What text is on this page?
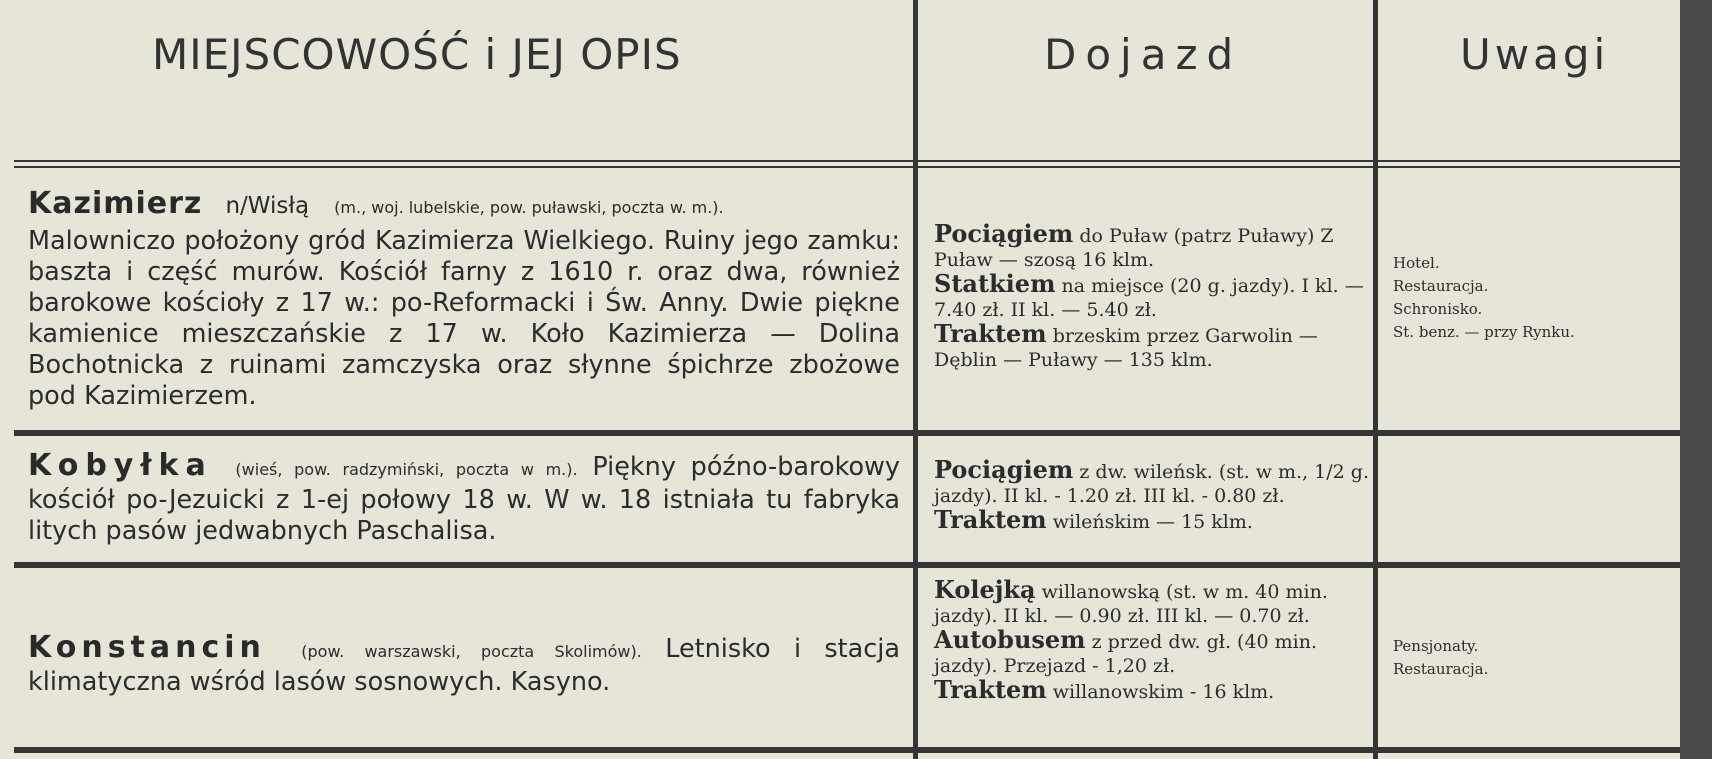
MIEJSCOWOŚĆ i JEJ OPIS	Dojazd	Uwagi
Kazimierz n/Wisłą (m., woj. lubelskie, pow. puławski, poczta w. m.).
Malowniczo położony gród Kazimierza Wielkiego. Ruiny jego zamku: baszta i część murów. Kościół farny z 1610 r. oraz dwa, również barokowe kościoły z 17 w.: po-Reformacki i Św. Anny. Dwie piękne kamienice mieszczańskie z 17 w. Koło Kazimierza — Dolina Bochotnicka z ruinami zamczyska oraz słynne śpichrze zbożowe pod Kazimierzem.
Pociągiem do Puław (patrz Puławy) Z Puław — szosą 16 klm.
Statkiem na miejsce (20 g. jazdy). I kl. — 7.40 zł. II kl. — 5.40 zł.
Traktem brzeskim przez Garwolin — Dęblin — Puławy — 135 klm.
Hotel.
Restauracja.
Schronisko.
St. benz. — przy Rynku.
Kobyłka (wieś, pow. radzymiński, poczta w m.). Piękny późno-barokowy kościół po-Jezuicki z 1-ej połowy 18 w. W w. 18 istniała tu fabryka litych pasów jedwabnych Paschalisa.
Pociągiem z dw. wileńsk. (st. w m., 1/2 g. jazdy). II kl. - 1.20 zł. III kl. - 0.80 zł.
Traktem wileńskim — 15 klm.
Konstancin (pow. warszawski, poczta Skolimów). Letnisko i stacja klimatyczna wśród lasów sosnowych. Kasyno.
Kolejką willanowską (st. w m. 40 min. jazdy). II kl. — 0.90 zł. III kl. — 0.70 zł.
Autobusem z przed dw. gł. (40 min. jazdy). Przejazd - 1,20 zł.
Traktem willanowskim - 16 klm.
Pensjonaty.
Restauracja.
